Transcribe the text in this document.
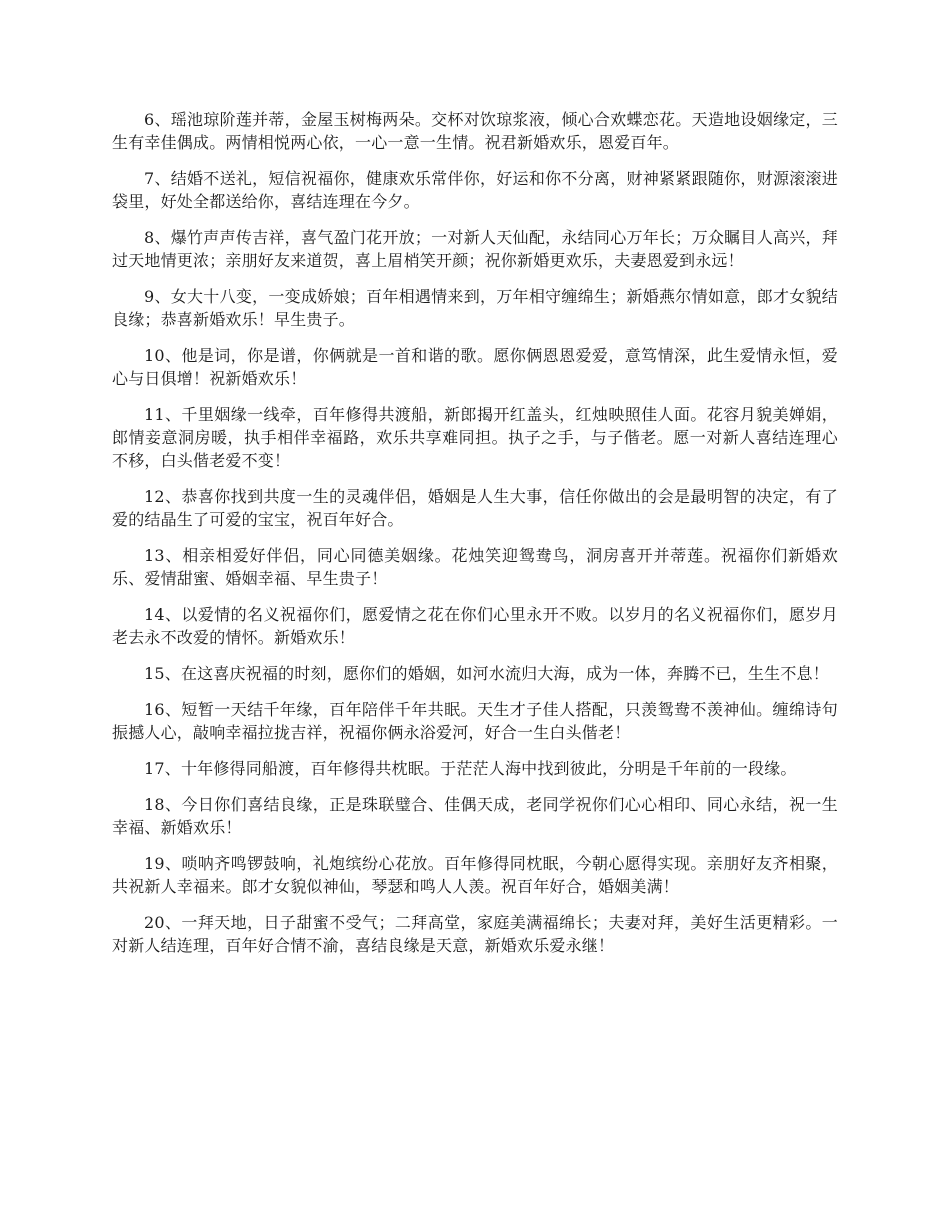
6、瑶池琼阶莲并蒂，金屋玉树梅两朵。交杯对饮琼浆液，倾心合欢蝶恋花。天造地设姻缘定，三生有幸佳偶成。两情相悦两心依，一心一意一生情。祝君新婚欢乐，恩爱百年。

7、结婚不送礼，短信祝福你，健康欢乐常伴你，好运和你不分离，财神紧紧跟随你，财源滚滚进袋里，好处全都送给你，喜结连理在今夕。

8、爆竹声声传吉祥，喜气盈门花开放；一对新人天仙配，永结同心万年长；万众瞩目人高兴，拜过天地情更浓；亲朋好友来道贺，喜上眉梢笑开颜；祝你新婚更欢乐，夫妻恩爱到永远！

9、女大十八变，一变成娇娘；百年相遇情来到，万年相守缠绵生；新婚燕尔情如意，郎才女貌结良缘；恭喜新婚欢乐！早生贵子。

10、他是词，你是谱，你俩就是一首和谐的歌。愿你俩恩恩爱爱，意笃情深，此生爱情永恒，爱心与日俱增！祝新婚欢乐！

11、千里姻缘一线牵，百年修得共渡船，新郎揭开红盖头，红烛映照佳人面。花容月貌美婵娟，郎情妾意洞房暖，执手相伴幸福路，欢乐共享难同担。执子之手，与子偕老。愿一对新人喜结连理心不移，白头偕老爱不变！

12、恭喜你找到共度一生的灵魂伴侣，婚姻是人生大事，信任你做出的会是最明智的决定，有了爱的结晶生了可爱的宝宝，祝百年好合。

13、相亲相爱好伴侣，同心同德美姻缘。花烛笑迎鸳鸯鸟，洞房喜开并蒂莲。祝福你们新婚欢乐、爱情甜蜜、婚姻幸福、早生贵子！

14、以爱情的名义祝福你们，愿爱情之花在你们心里永开不败。以岁月的名义祝福你们，愿岁月老去永不改爱的情怀。新婚欢乐！

15、在这喜庆祝福的时刻，愿你们的婚姻，如河水流归大海，成为一体，奔腾不已，生生不息！

16、短暂一天结千年缘，百年陪伴千年共眠。天生才子佳人搭配，只羡鸳鸯不羡神仙。缠绵诗句振撼人心，敲响幸福拉拢吉祥，祝福你俩永浴爱河，好合一生白头偕老！

17、十年修得同船渡，百年修得共枕眠。于茫茫人海中找到彼此，分明是千年前的一段缘。

18、今日你们喜结良缘，正是珠联璧合、佳偶天成，老同学祝你们心心相印、同心永结，祝一生幸福、新婚欢乐！

19、唢呐齐鸣锣鼓响，礼炮缤纷心花放。百年修得同枕眠，今朝心愿得实现。亲朋好友齐相聚，共祝新人幸福来。郎才女貌似神仙，琴瑟和鸣人人羡。祝百年好合，婚姻美满！

20、一拜天地，日子甜蜜不受气；二拜高堂，家庭美满福绵长；夫妻对拜，美好生活更精彩。一对新人结连理，百年好合情不渝，喜结良缘是天意，新婚欢乐爱永继！
